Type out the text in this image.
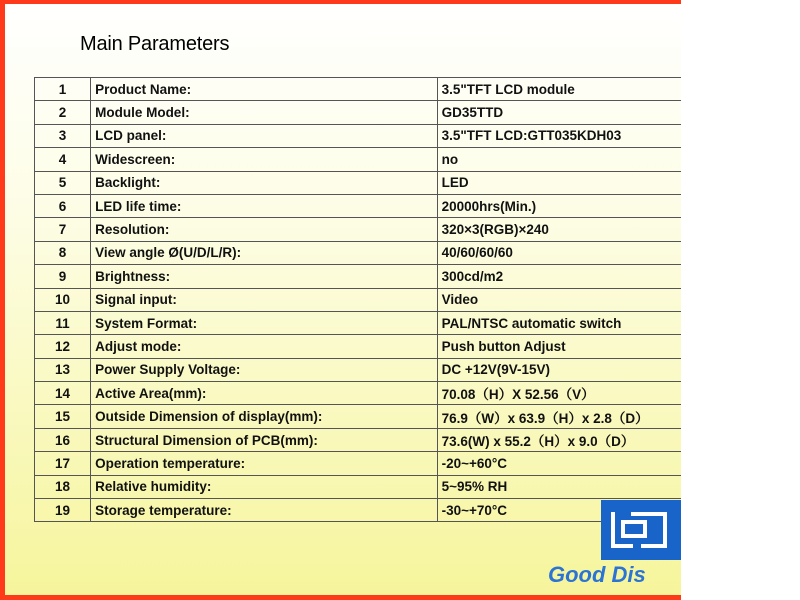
Main Parameters
1	Product Name:	3.5"TFT LCD module
2	Module Model:	GD35TTD
3	LCD panel:	3.5"TFT LCD:GTT035KDH03
4	Widescreen:	no
5	Backlight:	LED
6	LED life time:	20000hrs(Min.)
7	Resolution:	320×3(RGB)×240
8	View angle Ø(U/D/L/R):	40/60/60/60
9	Brightness:	300cd/m2
10	Signal input:	Video
11	System Format:	PAL/NTSC automatic switch
12	Adjust mode:	Push button Adjust
13	Power Supply Voltage:	DC +12V(9V-15V)
14	Active Area(mm):	70.08（H）X 52.56（V）
15	Outside Dimension of display(mm):	76.9（W）x 63.9（H）x 2.8（D）
16	Structural Dimension of PCB(mm):	73.6(W) x 55.2（H）x 9.0（D）
17	Operation temperature:	-20~+60°C
18	Relative humidity:	5~95% RH
19	Storage temperature:	-30~+70°C
Good Dis
